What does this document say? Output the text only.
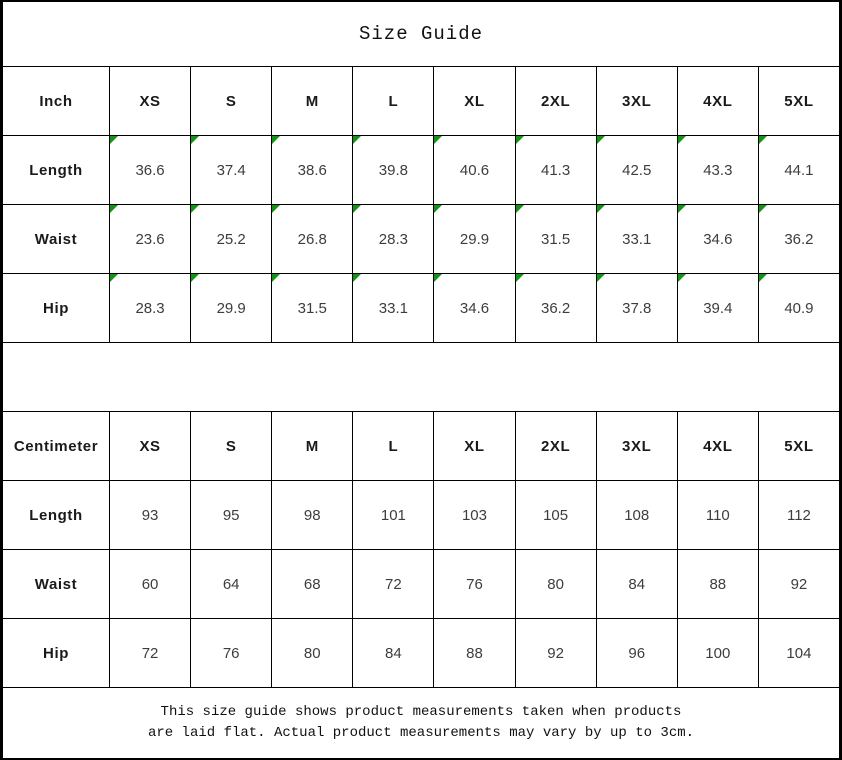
Size Guide									
Inch	XS	S	M	L	XL	2XL	3XL	4XL	5XL
Length	36.6	37.4	38.6	39.8	40.6	41.3	42.5	43.3	44.1
Waist	23.6	25.2	26.8	28.3	29.9	31.5	33.1	34.6	36.2
Hip	28.3	29.9	31.5	33.1	34.6	36.2	37.8	39.4	40.9

Centimeter	XS	S	M	L	XL	2XL	3XL	4XL	5XL
Length	93	95	98	101	103	105	108	110	112
Waist	60	64	68	72	76	80	84	88	92
Hip	72	76	80	84	88	92	96	100	104

This size guide shows product measurements taken when products
are laid flat. Actual product measurements may vary by up to 3cm.									
